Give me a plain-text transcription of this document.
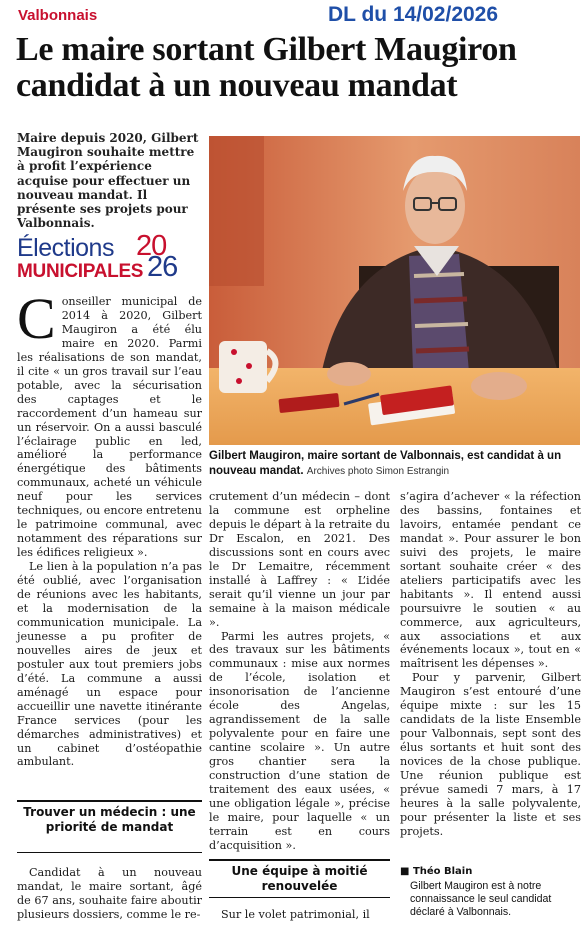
Valbonnais	DL du 14/02/2026
Le maire sortant Gilbert Maugiron
candidat à un nouveau mandat
Maire depuis 2020, Gilbert Maugiron souhaite mettre à profit l’expérience acquise pour effectuer un nouveau mandat. Il présente ses projets pour Valbonnais.
Élections
MUNICIPALES
20
26
Gilbert Maugiron, maire sortant de Valbonnais, est candidat à un nouveau mandat. Archives photo Simon Estrangin

Conseiller municipal de 2014 à 2020, Gilbert Maugiron a été élu maire en 2020. Parmi les réalisations de son mandat, il cite « un gros travail sur l’eau potable, avec la sécurisation des captages et le raccordement d’un hameau sur un réservoir. On a aussi basculé l’éclairage public en led, amélioré la performance énergétique des bâtiments communaux, acheté un véhicule neuf pour les services techniques, ou encore entretenu le patrimoine communal, avec notamment des réparations sur les édifices religieux ».

Le lien à la population n’a pas été oublié, avec l’organisation de réunions avec les habitants, et la modernisation de la communication municipale. La jeunesse a pu profiter de nouvelles aires de jeux et postuler aux tout premiers jobs d’été. La commune a aussi aménagé un espace pour accueillir une navette itinérante France services (pour les démarches administratives) et un cabinet d’ostéopathie ambulant.

Trouver un médecin : une priorité de mandat

Candidat à un nouveau mandat, le maire sortant, âgé de 67 ans, souhaite faire aboutir plusieurs dossiers, comme le re-

crutement d’un médecin – dont la commune est orpheline depuis le départ à la retraite du Dr Escalon, en 2021. Des discussions sont en cours avec le Dr Lemaitre, récemment installé à Laffrey : « L’idée serait qu’il vienne un jour par semaine à la maison médicale ».

Parmi les autres projets, « des travaux sur les bâtiments communaux : mise aux normes de l’école, isolation et insonorisation de l’ancienne école des Angelas, agrandissement de la salle polyvalente pour en faire une cantine scolaire ». Un autre gros chantier sera la construction d’une station de traitement des eaux usées, « une obligation légale », précise le maire, pour laquelle « un terrain est en cours d’acquisition ».

Une équipe à moitié renouvelée

Sur le volet patrimonial, il

s’agira d’achever « la réfection des bassins, fontaines et lavoirs, entamée pendant ce mandat ». Pour assurer le bon suivi des projets, le maire sortant souhaite créer « des ateliers participatifs avec les habitants ». Il entend aussi poursuivre le soutien « au commerce, aux agriculteurs, aux associations et aux événements locaux », tout en « maîtrisent les dépenses ».

Pour y parvenir, Gilbert Maugiron s’est entouré d’une équipe mixte : sur les 15 candidats de la liste Ensemble pour Valbonnais, sept sont des élus sortants et huit sont des novices de la chose publique. Une réunion publique est prévue samedi 7 mars, à 17 heures à la salle polyvalente, pour présenter la liste et ses projets.

■ Théo Blain
Gilbert Maugiron est à notre connaissance le seul candidat déclaré à Valbonnais.
